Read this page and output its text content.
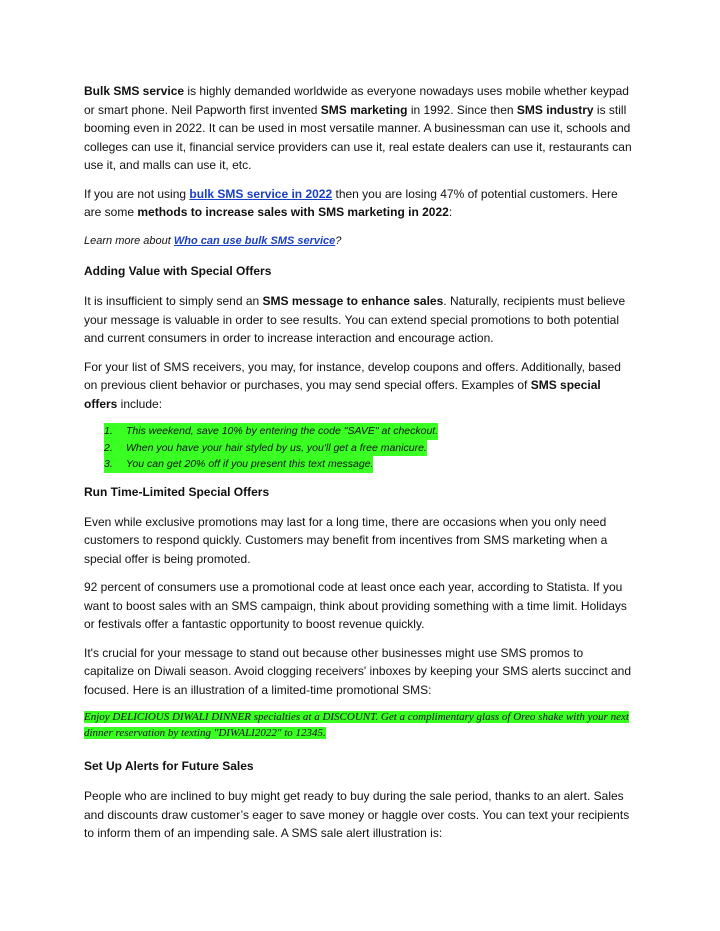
Bulk SMS service is highly demanded worldwide as everyone nowadays uses mobile whether keypad or smart phone. Neil Papworth first invented SMS marketing in 1992. Since then SMS industry is still booming even in 2022. It can be used in most versatile manner. A businessman can use it, schools and colleges can use it, financial service providers can use it, real estate dealers can use it, restaurants can use it, and malls can use it, etc.

If you are not using bulk SMS service in 2022 then you are losing 47% of potential customers. Here are some methods to increase sales with SMS marketing in 2022:

Learn more about Who can use bulk SMS service?

Adding Value with Special Offers

It is insufficient to simply send an SMS message to enhance sales. Naturally, recipients must believe your message is valuable in order to see results. You can extend special promotions to both potential and current consumers in order to increase interaction and encourage action.

For your list of SMS receivers, you may, for instance, develop coupons and offers. Additionally, based on previous client behavior or purchases, you may send special offers. Examples of SMS special offers include:

1. This weekend, save 10% by entering the code "SAVE" at checkout.
2. When you have your hair styled by us, you'll get a free manicure.
3. You can get 20% off if you present this text message.
Run Time-Limited Special Offers

Even while exclusive promotions may last for a long time, there are occasions when you only need customers to respond quickly. Customers may benefit from incentives from SMS marketing when a special offer is being promoted.

92 percent of consumers use a promotional code at least once each year, according to Statista. If you want to boost sales with an SMS campaign, think about providing something with a time limit. Holidays or festivals offer a fantastic opportunity to boost revenue quickly.

It's crucial for your message to stand out because other businesses might use SMS promos to capitalize on Diwali season. Avoid clogging receivers' inboxes by keeping your SMS alerts succinct and focused. Here is an illustration of a limited-time promotional SMS:

Enjoy DELICIOUS DIWALI DINNER specialties at a DISCOUNT. Get a complimentary glass of Oreo shake with your next dinner reservation by texting "DIWALI2022" to 12345.

Set Up Alerts for Future Sales

People who are inclined to buy might get ready to buy during the sale period, thanks to an alert. Sales and discounts draw customer’s eager to save money or haggle over costs. You can text your recipients to inform them of an impending sale. A SMS sale alert illustration is:
